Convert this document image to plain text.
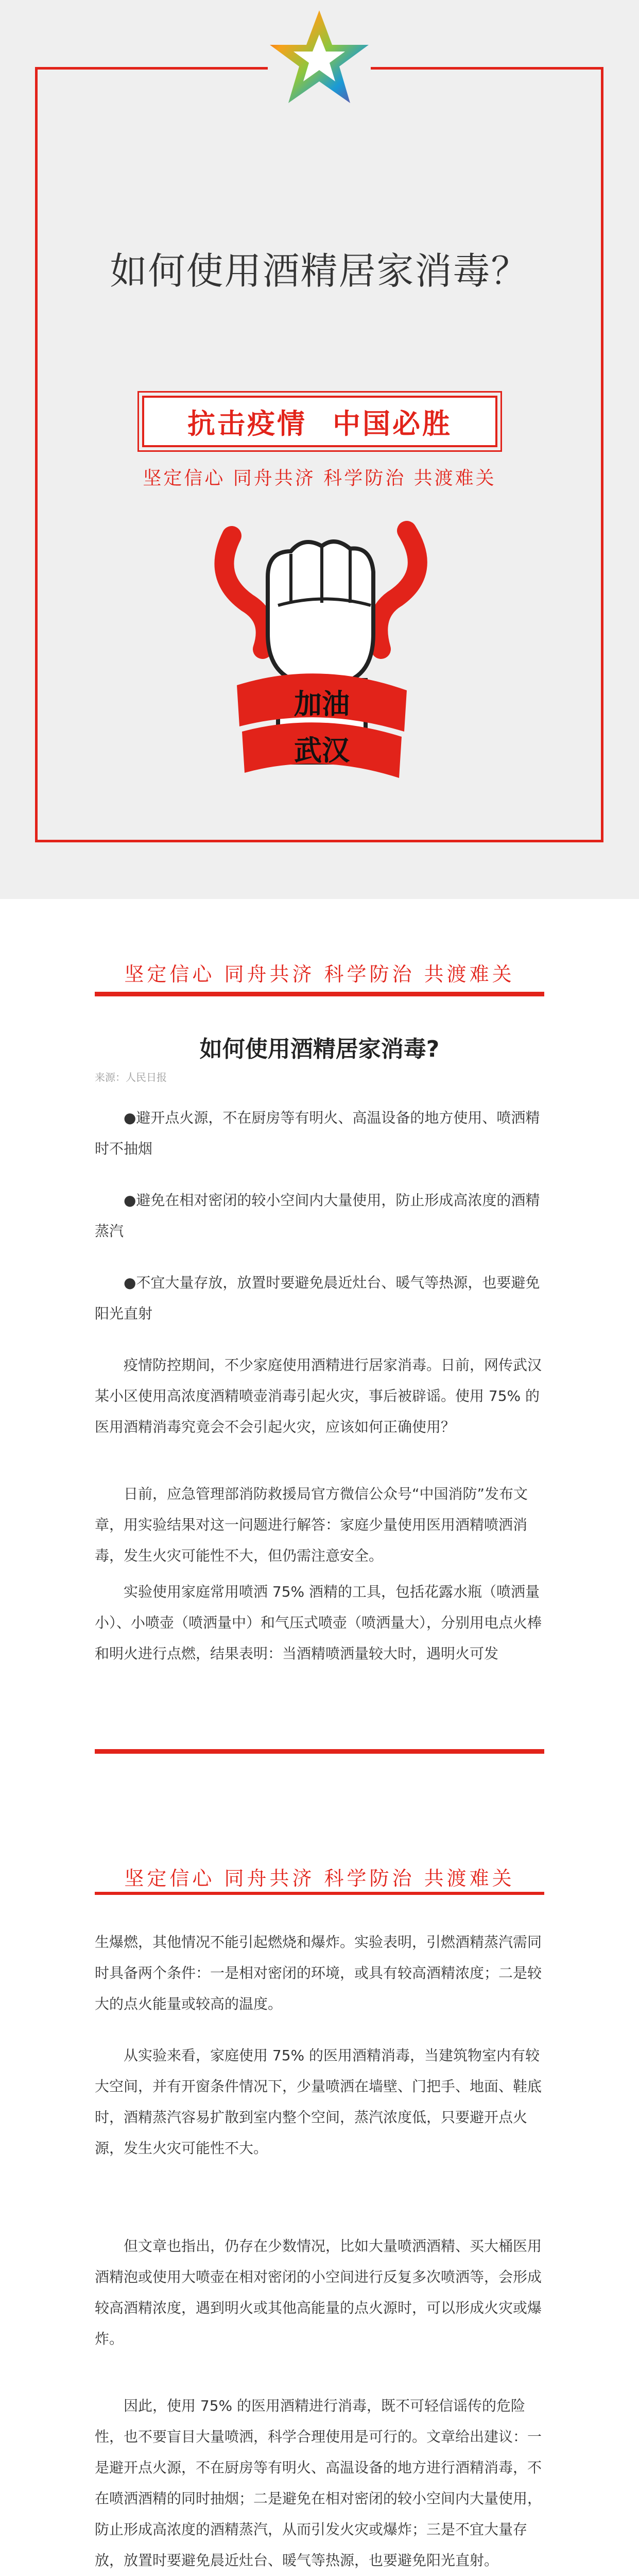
如何使用酒精居家消毒？
抗击疫情 中国必胜
坚定信心 同舟共济 科学防治 共渡难关
加油
武汉
坚定信心 同舟共济 科学防治 共渡难关
如何使用酒精居家消毒?
来源：人民日报

●避开点火源，不在厨房等有明火、高温设备的地方使用、喷洒精时不抽烟

●避免在相对密闭的较小空间内大量使用，防止形成高浓度的酒精蒸汽

●不宜大量存放，放置时要避免晨近灶台、暖气等热源，也要避免阳光直射

疫情防控期间，不少家庭使用酒精进行居家消毒。日前，网传武汉某小区使用高浓度酒精喷壶消毒引起火灾，事后被辟谣。使用 75% 的医用酒精消毒究竟会不会引起火灾，应该如何正确使用？

日前，应急管理部消防救援局官方微信公众号“中国消防”发布文章，用实验结果对这一问题进行解答：家庭少量使用医用酒精喷洒消毒，发生火灾可能性不大，但仍需注意安全。

实验使用家庭常用喷洒 75% 酒精的工具，包括花露水瓶（喷洒量小）、小喷壶（喷洒量中）和气压式喷壶（喷洒量大），分别用电点火棒和明火进行点燃，结果表明：当酒精喷洒量较大时，遇明火可发

坚定信心 同舟共济 科学防治 共渡难关

生爆燃，其他情况不能引起燃烧和爆炸。实验表明，引燃酒精蒸汽需同时具备两个条件：一是相对密闭的环境，或具有较高酒精浓度；二是较大的点火能量或较高的温度。

从实验来看，家庭使用 75% 的医用酒精消毒，当建筑物室内有较大空间，并有开窗条件情况下，少量喷洒在墙壁、门把手、地面、鞋底时，酒精蒸汽容易扩散到室内整个空间，蒸汽浓度低，只要避开点火源，发生火灾可能性不大。

但文章也指出，仍存在少数情况，比如大量喷洒酒精、买大桶医用酒精泡或使用大喷壶在相对密闭的小空间进行反复多次喷洒等，会形成较高酒精浓度，遇到明火或其他高能量的点火源时，可以形成火灾或爆炸。

因此，使用 75% 的医用酒精进行消毒，既不可轻信谣传的危险性，也不要盲目大量喷洒，科学合理使用是可行的。文章给出建议：一是避开点火源，不在厨房等有明火、高温设备的地方进行酒精消毒，不在喷洒酒精的同时抽烟；二是避免在相对密闭的较小空间内大量使用，防止形成高浓度的酒精蒸汽，从而引发火灾或爆炸；三是不宜大量存放，放置时要避免晨近灶台、暖气等热源，也要避免阳光直射。
